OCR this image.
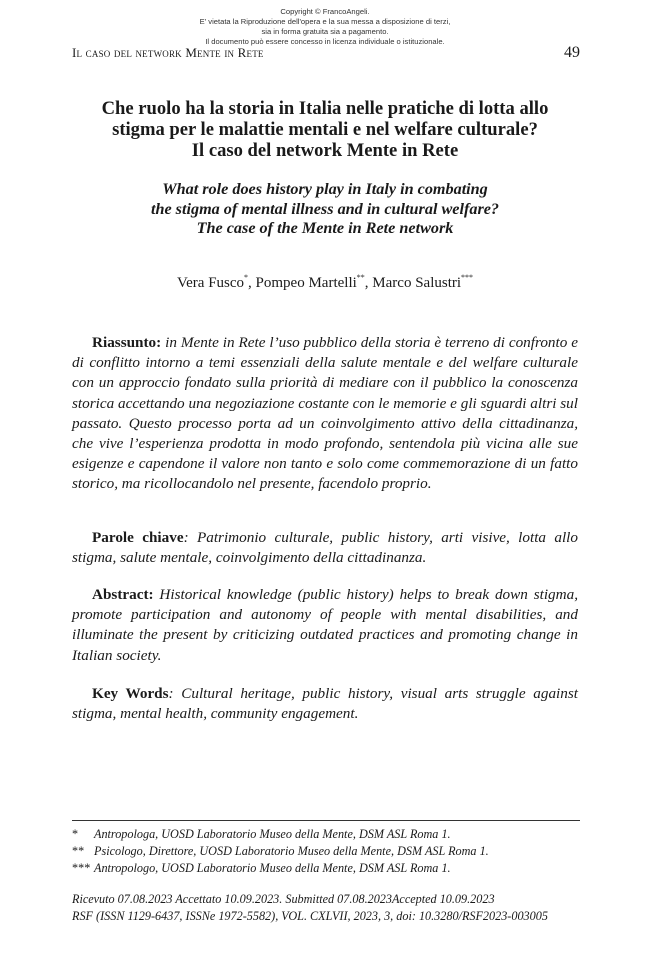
Copyright © FrancoAngeli.
E' vietata la Riproduzione dell'opera e la sua messa a disposizione di terzi,
sia in forma gratuita sia a pagamento.
Il documento può essere concesso in licenza individuale o istituzionale.
Il caso del network Mente in Rete	49
Che ruolo ha la storia in Italia nelle pratiche di lotta allo
stigma per le malattie mentali e nel welfare culturale?
Il caso del network Mente in Rete
What role does history play in Italy in combating
the stigma of mental illness and in cultural welfare?
The case of the Mente in Rete network
Vera Fusco*, Pompeo Martelli**, Marco Salustri***
Riassunto: in Mente in Rete l’uso pubblico della storia è terreno di confronto e di conflitto intorno a temi essenziali della salute mentale e del welfare culturale con un approccio fondato sulla priorità di mediare con il pubblico la conoscenza storica accettando una negoziazione costante con le memorie e gli sguardi altri sul passato. Questo processo porta ad un coinvolgimento attivo della cittadinanza, che vive l’esperienza prodotta in modo profondo, sentendola più vicina alle sue esigenze e capendone il valore non tanto e solo come commemorazione di un fatto storico, ma ricollocandolo nel presente, facendolo proprio.
Parole chiave: Patrimonio culturale, public history, arti visive, lotta allo stigma, salute mentale, coinvolgimento della cittadinanza.
Abstract: Historical knowledge (public history) helps to break down stigma, promote participation and autonomy of people with mental disabilities, and illuminate the present by criticizing outdated practices and promoting change in Italian society.
Key Words: Cultural heritage, public history, visual arts struggle against stigma, mental health, community engagement.
*	Antropologa, UOSD Laboratorio Museo della Mente, DSM ASL Roma 1.
** Psicologo, Direttore, UOSD Laboratorio Museo della Mente, DSM ASL Roma 1.
*** Antropologo, UOSD Laboratorio Museo della Mente, DSM ASL Roma 1.
Ricevuto 07.08.2023 Accettato 10.09.2023. Submitted 07.08.2023Accepted 10.09.2023
RSF (ISSN 1129-6437, ISSNe 1972-5582), VOL. CXLVII, 2023, 3, doi: 10.3280/RSF2023-003005
